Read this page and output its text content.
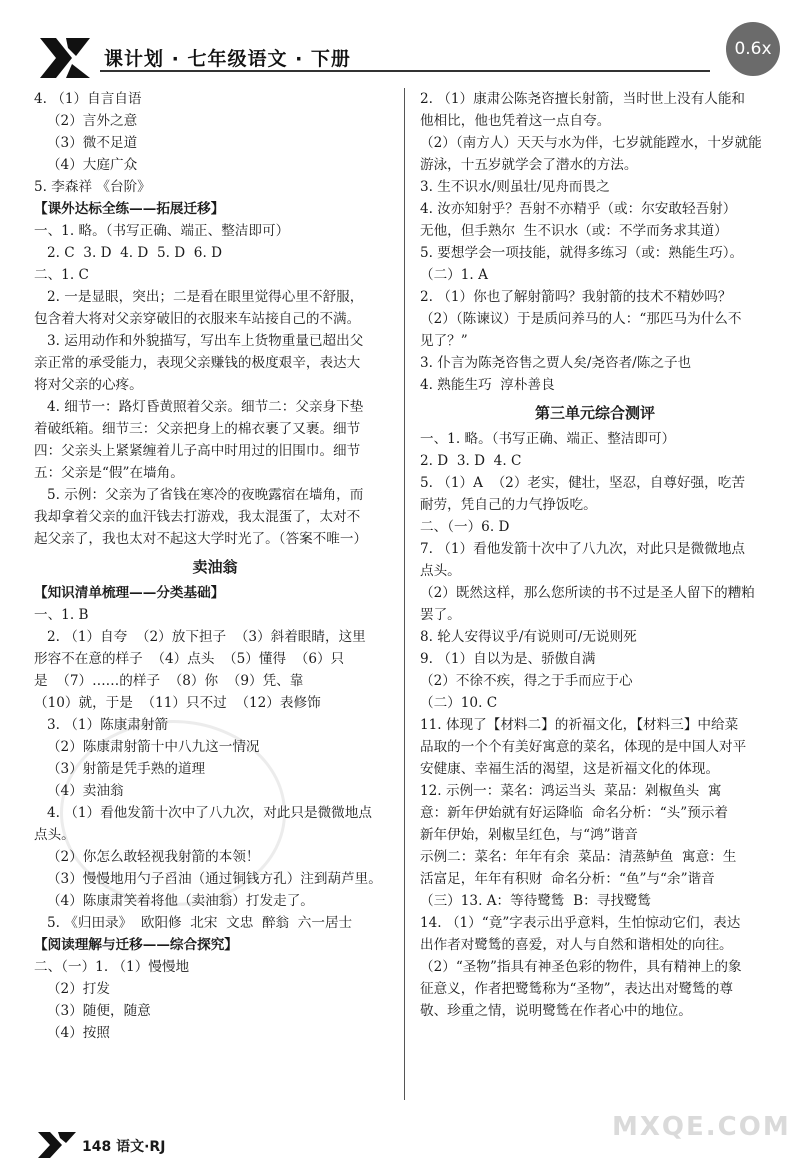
课计划 · 七年级语文 · 下册	0.6x
4. （1）自言自语
（2）言外之意
（3）微不足道
（4）大庭广众
5. 李森祥 《台阶》
【课外达标全练——拓展迁移】
一、1. 略。（书写正确、端正、整洁即可）
2. C  3. D  4. D  5. D  6. D
二、1. C
2. 一是显眼，突出；二是看在眼里觉得心里不舒服，
包含着大将对父亲穿破旧的衣服来车站接自己的不满。
3. 运用动作和外貌描写，写出车上货物重量已超出父
亲正常的承受能力，表现父亲赚钱的极度艰辛，表达大
将对父亲的心疼。
4. 细节一：路灯昏黄照着父亲。细节二：父亲身下垫
着破纸箱。细节三：父亲把身上的棉衣裹了又裹。细节
四：父亲头上紧紧缠着儿子高中时用过的旧围巾。细节
五：父亲是“假”在墙角。
5. 示例：父亲为了省钱在寒冷的夜晚露宿在墙角，而
我却拿着父亲的血汗钱去打游戏，我太混蛋了，太对不
起父亲了，我也太对不起这大学时光了。（答案不唯一）
卖油翁
【知识清单梳理——分类基础】
一、1. B
2. （1）自夸  （2）放下担子  （3）斜着眼睛，这里
形容不在意的样子  （4）点头  （5）懂得  （6）只
是  （7）……的样子  （8）你  （9）凭、靠
（10）就，于是  （11）只不过  （12）表修饰
3. （1）陈康肃射箭
（2）陈康肃射箭十中八九这一情况
（3）射箭是凭手熟的道理
（4）卖油翁
4. （1）看他发箭十次中了八九次，对此只是微微地点
点头。
（2）你怎么敢轻视我射箭的本领！
（3）慢慢地用勺子舀油（通过铜钱方孔）注到葫芦里。
（4）陈康肃笑着将他（卖油翁）打发走了。
5. 《归田录》  欧阳修  北宋  文忠  醉翁  六一居士
【阅读理解与迁移——综合探究】
二、（一）1. （1）慢慢地
（2）打发
（3）随便，随意
（4）按照
2. （1）康肃公陈尧咨擅长射箭，当时世上没有人能和
他相比，他也凭着这一点自夸。
（2）（南方人）天天与水为伴，七岁就能蹚水，十岁就能
游泳，十五岁就学会了潜水的方法。
3. 生不识水/则虽壮/见舟而畏之
4. 汝亦知射乎？吾射不亦精乎（或：尔安敢轻吾射）
无他，但手熟尔  生不识水（或：不学而务求其道）
5. 要想学会一项技能，就得多练习（或：熟能生巧）。
（二）1. A
2. （1）你也了解射箭吗？我射箭的技术不精妙吗？
（2）（陈谏议）于是质问养马的人：“那匹马为什么不
见了？”
3. 仆言为陈尧咨售之贾人矣/尧咨者/陈之子也
4. 熟能生巧  淳朴善良
第三单元综合测评
一、1. 略。（书写正确、端正、整洁即可）
2. D  3. D  4. C
5. （1）A  （2）老实，健壮，坚忍，自尊好强，吃苦
耐劳，凭自己的力气挣饭吃。
二、（一）6. D
7. （1）看他发箭十次中了八九次，对此只是微微地点
点头。
（2）既然这样，那么您所读的书不过是圣人留下的糟粕
罢了。
8. 轮人安得议乎/有说则可/无说则死
9. （1）自以为是、骄傲自满
（2）不徐不疾，得之于手而应于心
（二）10. C
11. 体现了【材料二】的祈福文化，【材料三】中给菜
品取的一个个有美好寓意的菜名，体现的是中国人对平
安健康、幸福生活的渴望，这是祈福文化的体现。
12. 示例一：菜名：鸿运当头  菜品：剁椒鱼头  寓
意：新年伊始就有好运降临  命名分析：“头”预示着
新年伊始，剁椒呈红色，与“鸿”谐音
示例二：菜名：年年有余  菜品：清蒸鲈鱼  寓意：生
活富足，年年有积财  命名分析：“鱼”与“余”谐音
（三）13. A：等待鹭鸶  B：寻找鹭鸶
14. （1）“竟”字表示出乎意料，生怕惊动它们，表达
出作者对鹭鸶的喜爱，对人与自然和谐相处的向往。
（2）“圣物”指具有神圣色彩的物件，具有精神上的象
征意义，作者把鹭鸶称为“圣物”，表达出对鹭鸶的尊
敬、珍重之情，说明鹭鸶在作者心中的地位。
148 语文·RJ
MXQE.COM
